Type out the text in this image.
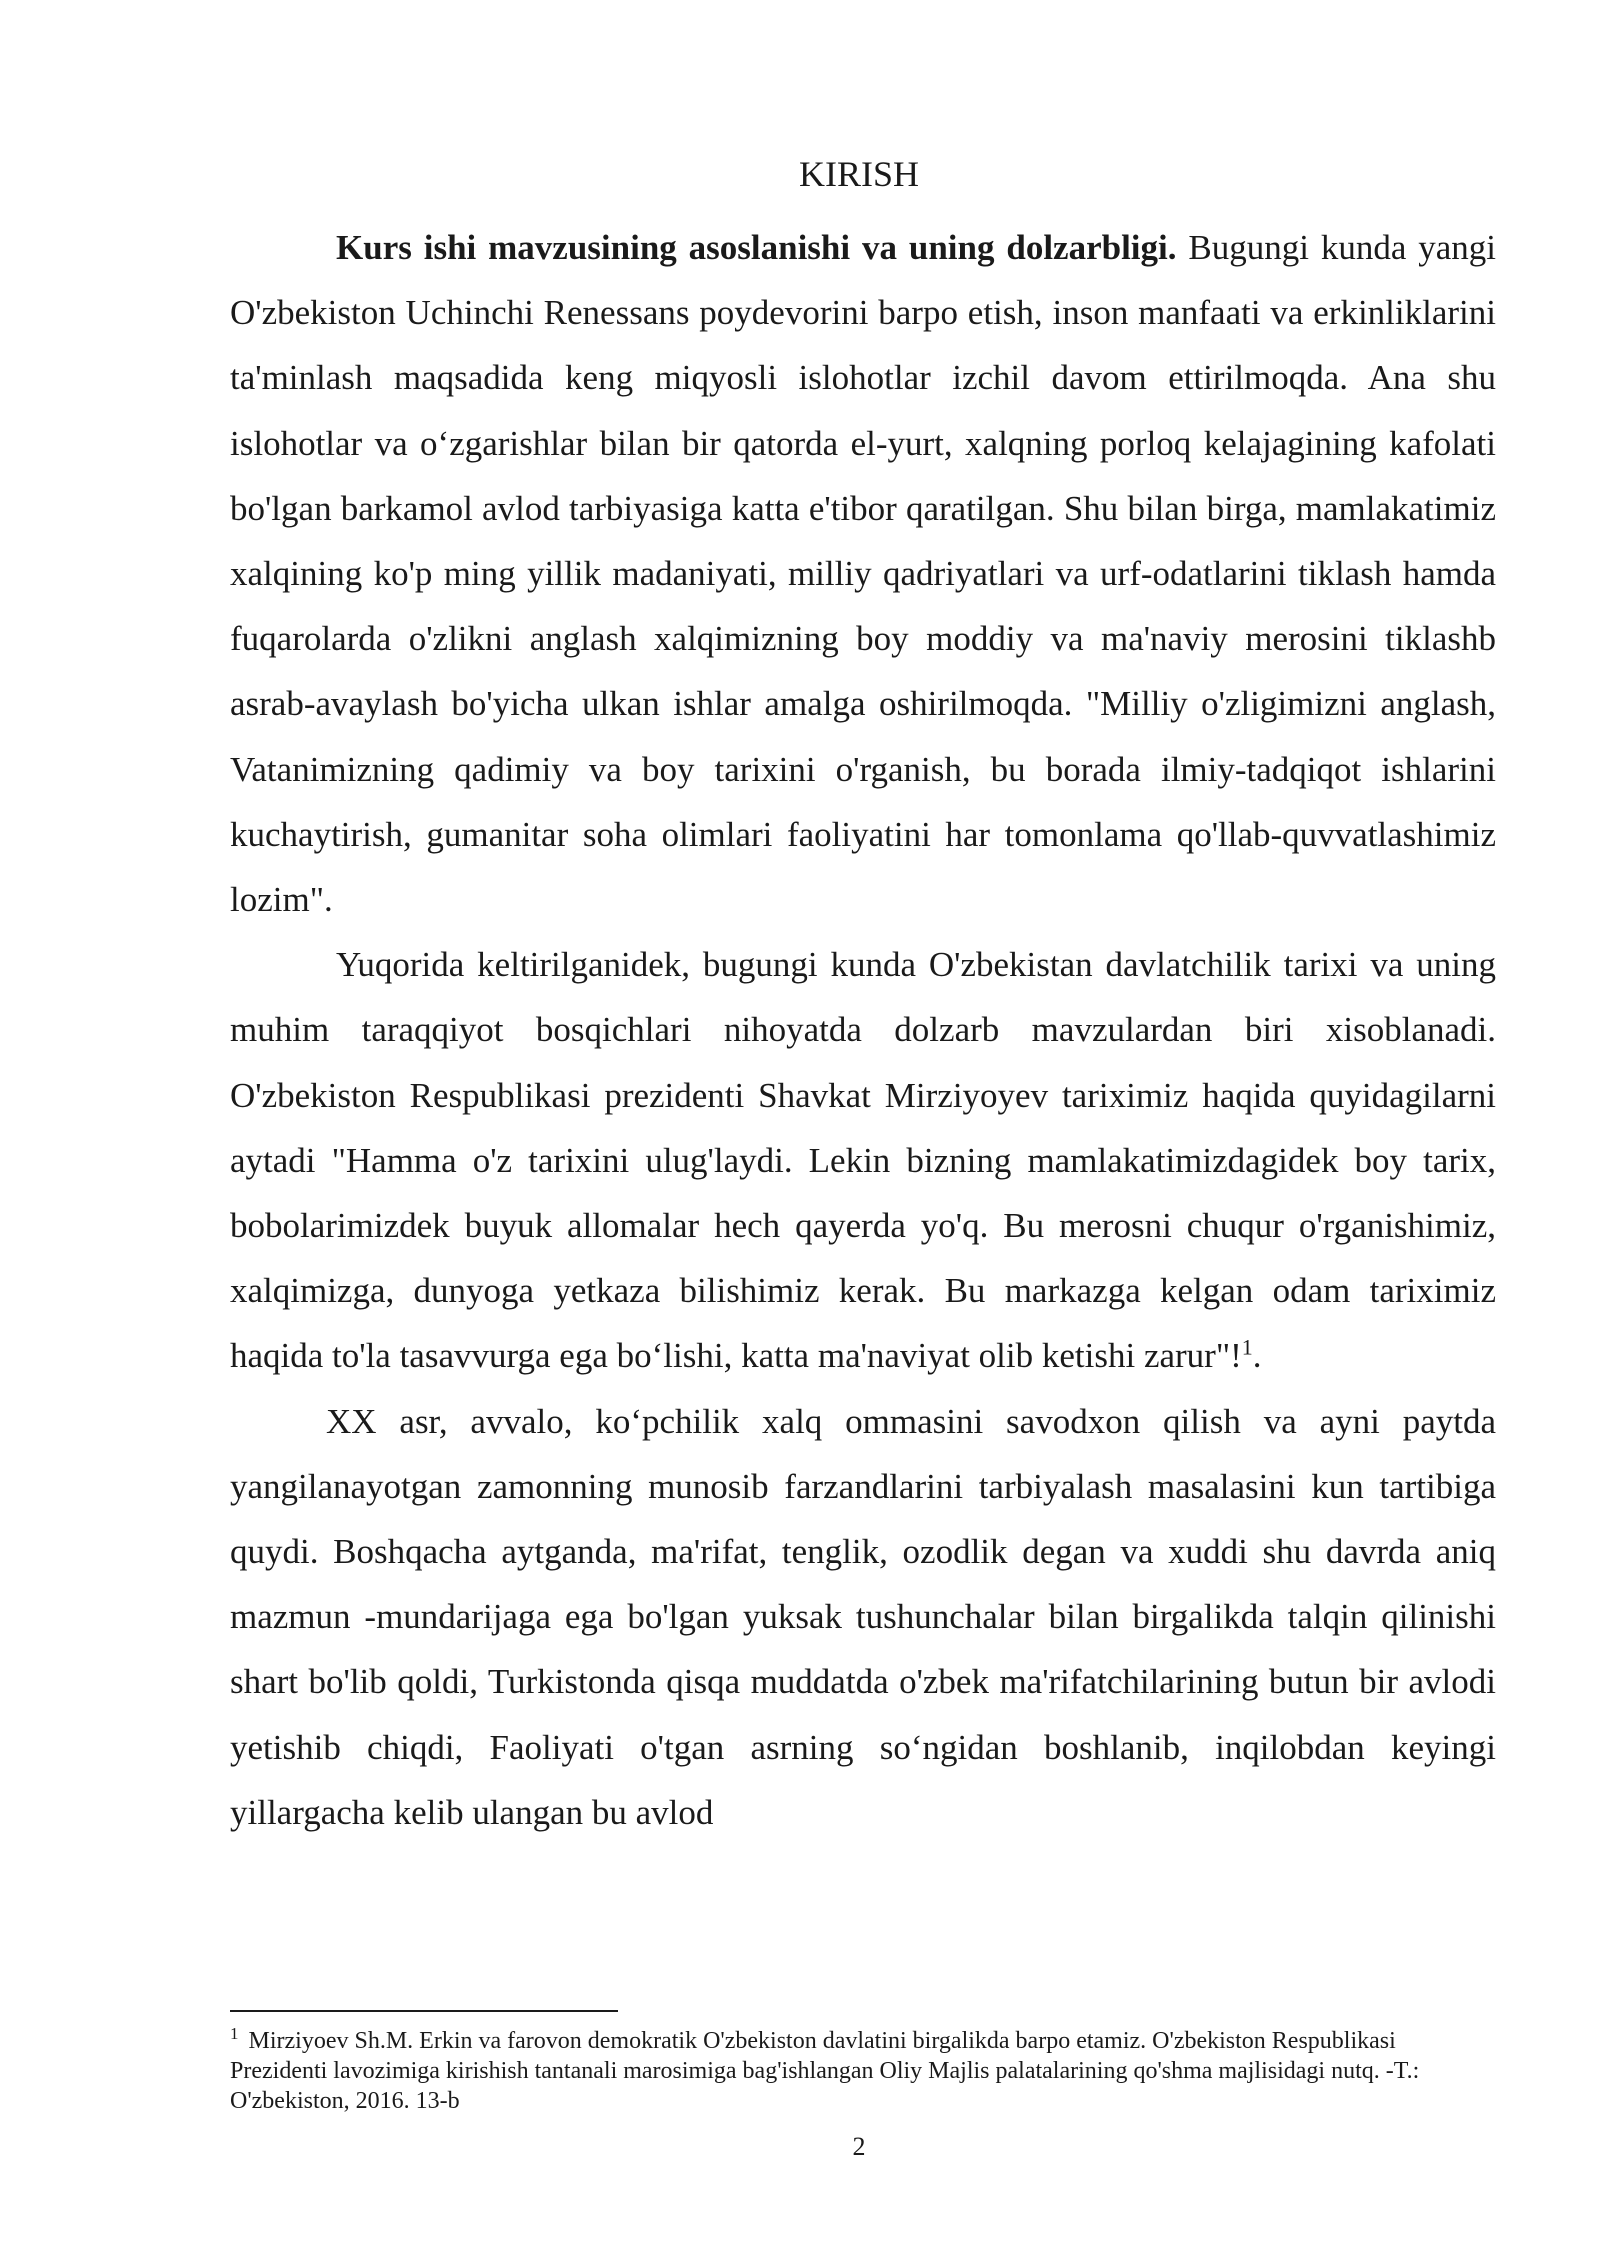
KIRISH

Kurs ishi mavzusining asoslanishi va uning dolzarbligi. Bugungi kunda yangi O'zbekiston Uchinchi Renessans poydevorini barpo etish, inson manfaati va erkinliklarini ta'minlash maqsadida keng miqyosli islohotlar izchil davom ettirilmoqda. Ana shu islohotlar va o‘zgarishlar bilan bir qatorda el-yurt, xalqning porloq kelajagining kafolati bo'lgan barkamol avlod tarbiyasiga katta e'tibor qaratilgan. Shu bilan birga, mamlakatimiz xalqining ko'p ming yillik madaniyati, milliy qadriyatlari va urf-odatlarini tiklash hamda fuqarolarda o'zlikni anglash xalqimizning boy moddiy va ma'naviy merosini tiklashb asrab-avaylash bo'yicha ulkan ishlar amalga oshirilmoqda. "Milliy o'zligimizni anglash, Vatanimizning qadimiy va boy tarixini o'rganish, bu borada ilmiy-tadqiqot ishlarini kuchaytirish, gumanitar soha olimlari faoliyatini har tomonlama qo'llab-quvvatlashimiz lozim".

Yuqorida keltirilganidek, bugungi kunda O'zbekistan davlatchilik tarixi va uning muhim taraqqiyot bosqichlari nihoyatda dolzarb mavzulardan biri xisoblanadi. O'zbekiston Respublikasi prezidenti Shavkat Mirziyoyev tariximiz haqida quyidagilarni aytadi "Hamma o'z tarixini ulug'laydi. Lekin bizning mamlakatimizdagidek boy tarix, bobolarimizdek buyuk allomalar hech qayerda yo'q. Bu merosni chuqur o'rganishimiz, xalqimizga, dunyoga yetkaza bilishimiz kerak. Bu markazga kelgan odam tariximiz haqida to'la tasavvurga ega bo‘lishi, katta ma'naviyat olib ketishi zarur"!$^1$.

XX asr, avvalo, ko‘pchilik xalq ommasini savodxon qilish va ayni paytda yangilanayotgan zamonning munosib farzandlarini tarbiyalash masalasini kun tartibiga quydi. Boshqacha aytganda, ma'rifat, tenglik, ozodlik degan va xuddi shu davrda aniq mazmun -mundarijaga ega bo'lgan yuksak tushunchalar bilan birgalikda talqin qilinishi shart bo'lib qoldi, Turkistonda qisqa muddatda o'zbek ma'rifatchilarining butun bir avlodi yetishib chiqdi, Faoliyati o'tgan asrning so‘ngidan boshlanib, inqilobdan keyingi yillargacha kelib ulangan bu avlod

$^1$ Mirziyoev Sh.M. Erkin va farovon demokratik O'zbekiston davlatini birgalikda barpo etamiz. O'zbekiston Respublikasi Prezidenti lavozimiga kirishish tantanali marosimiga bag'ishlangan Oliy Majlis palatalarining qo'shma majlisidagi nutq. -T.: O'zbekiston, 2016. 13-b
2
